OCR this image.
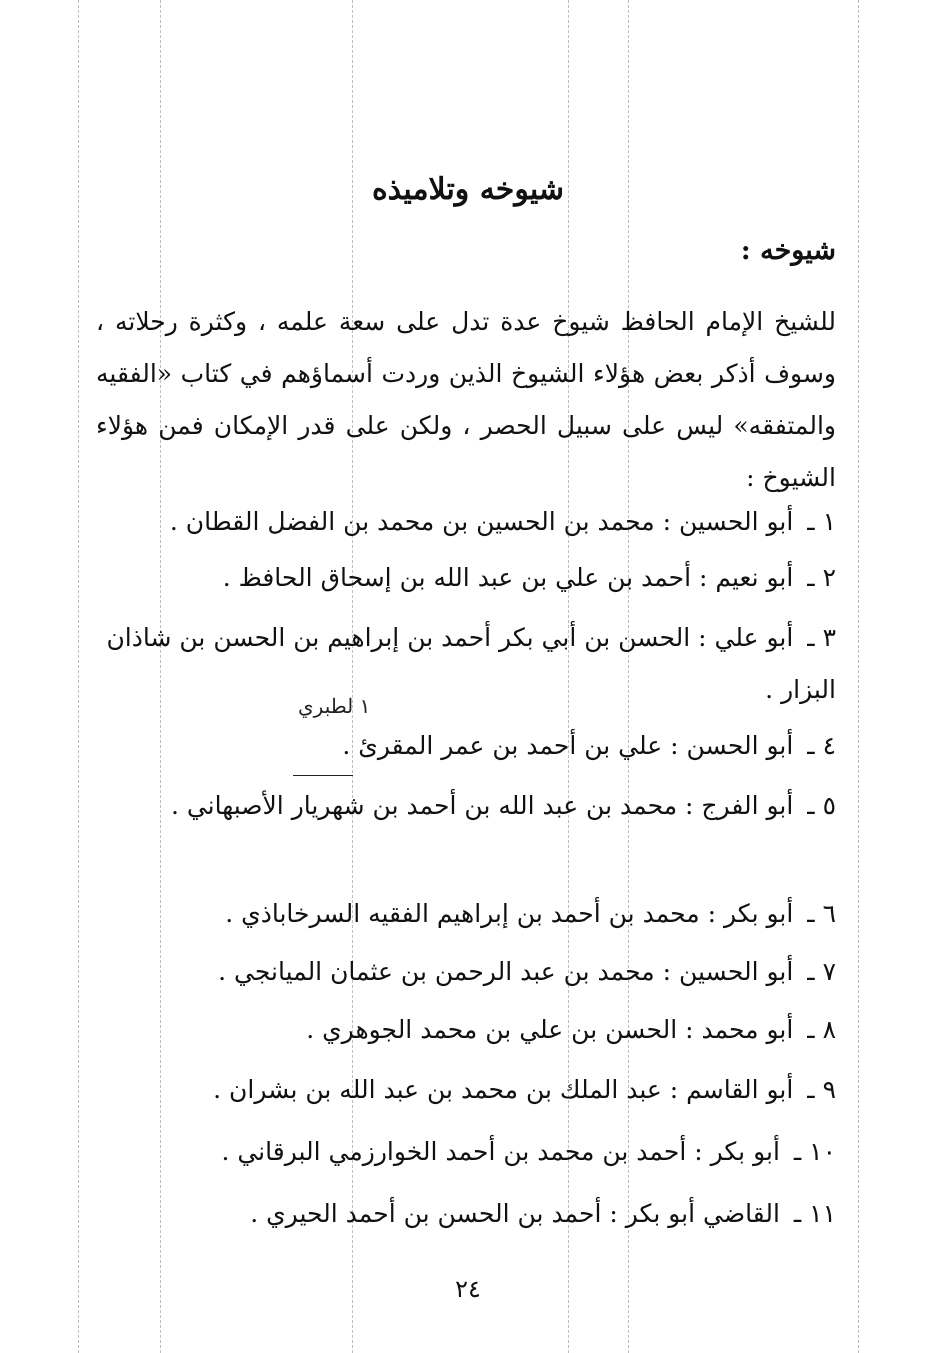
شيوخه وتلاميذه
شيوخه :
للشيخ الإمام الحافظ شيوخ عدة تدل على سعة علمه ، وكثرة رحلاته ، وسوف أذكر بعض هؤلاء الشيوخ الذين وردت أسماؤهم في كتاب «الفقيه والمتفقه» ليس على سبيل الحصر ، ولكن على قدر الإمكان فمن هؤلاء الشيوخ :
١ ـ أبو الحسين : محمد بن الحسين بن محمد بن الفضل القطان .
٢ ـ أبو نعيم : أحمد بن علي بن عبد الله بن إسحاق الحافظ .
٣ ـ أبو علي : الحسن بن أبي بكر أحمد بن إبراهيم بن الحسن بن شاذان البزار .
١ لطبري
٤ ـ أبو الحسن : علي بن أحمد بن عمر المقرئ .
٥ ـ أبو الفرج : محمد بن عبد الله بن أحمد بن شهريار الأصبهاني .
٦ ـ أبو بكر : محمد بن أحمد بن إبراهيم الفقيه السرخاباذي .
٧ ـ أبو الحسين : محمد بن عبد الرحمن بن عثمان الميانجي .
٨ ـ أبو محمد : الحسن بن علي بن محمد الجوهري .
٩ ـ أبو القاسم : عبد الملك بن محمد بن عبد الله بن بشران .
١٠ ـ أبو بكر : أحمد بن محمد بن أحمد الخوارزمي البرقاني .
١١ ـ القاضي أبو بكر : أحمد بن الحسن بن أحمد الحيري .
٢٤
